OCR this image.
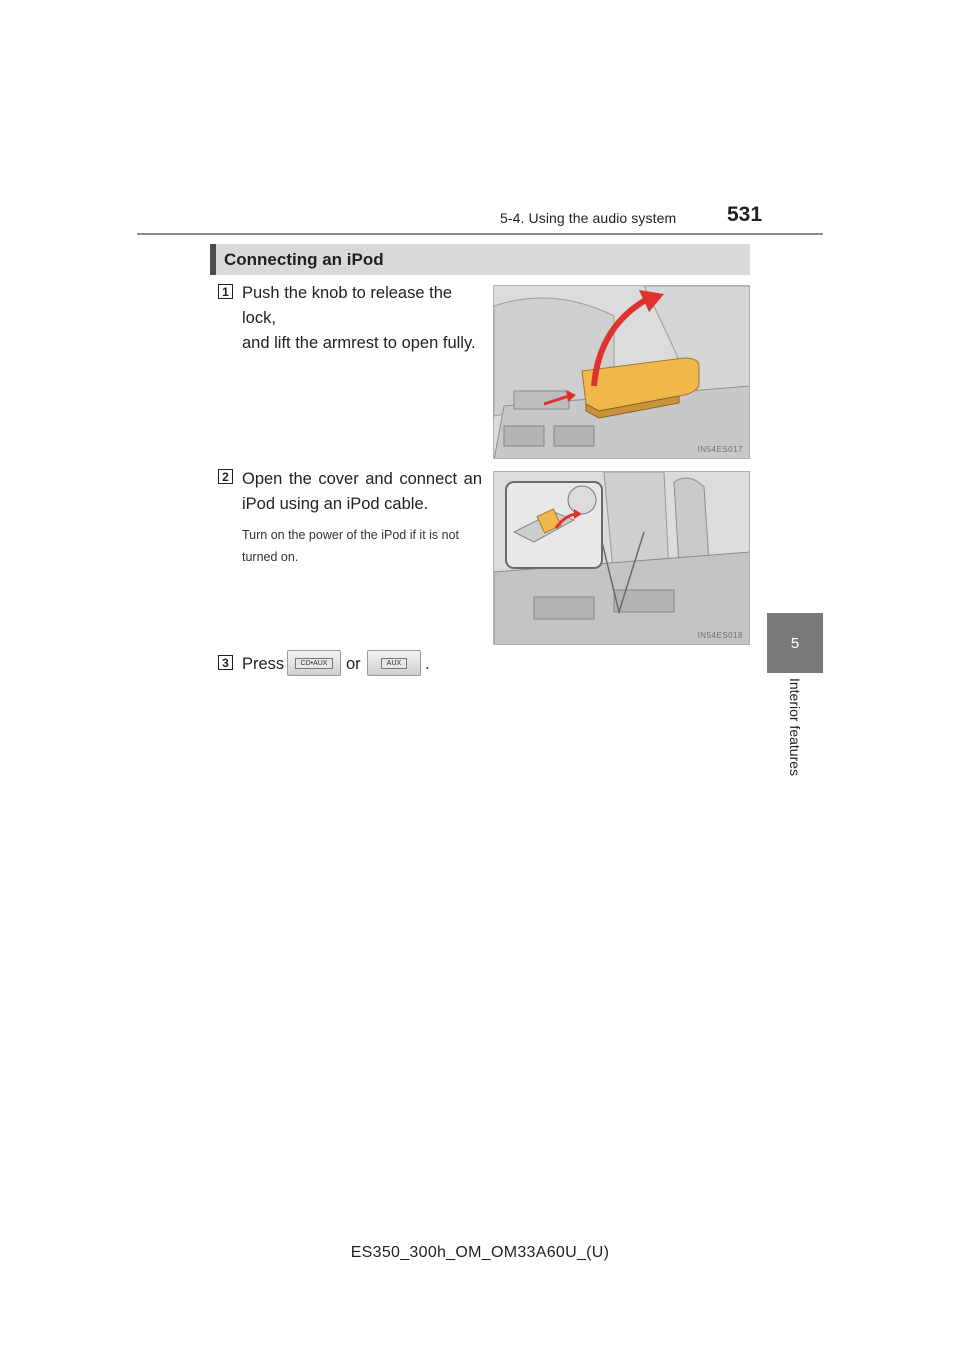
5-4. Using the audio system 531
5
Interior features
Connecting an iPod
1 Push the knob to release the lock,
and lift the armrest to open fully.
IN54ES017
2 Open the cover and connect an
iPod using an iPod cable.
Turn on the power of the iPod if it is not
turned on.
IN54ES018
3 Press	CD•AUX	or	AUX	.
ES350_300h_OM_OM33A60U_(U)
